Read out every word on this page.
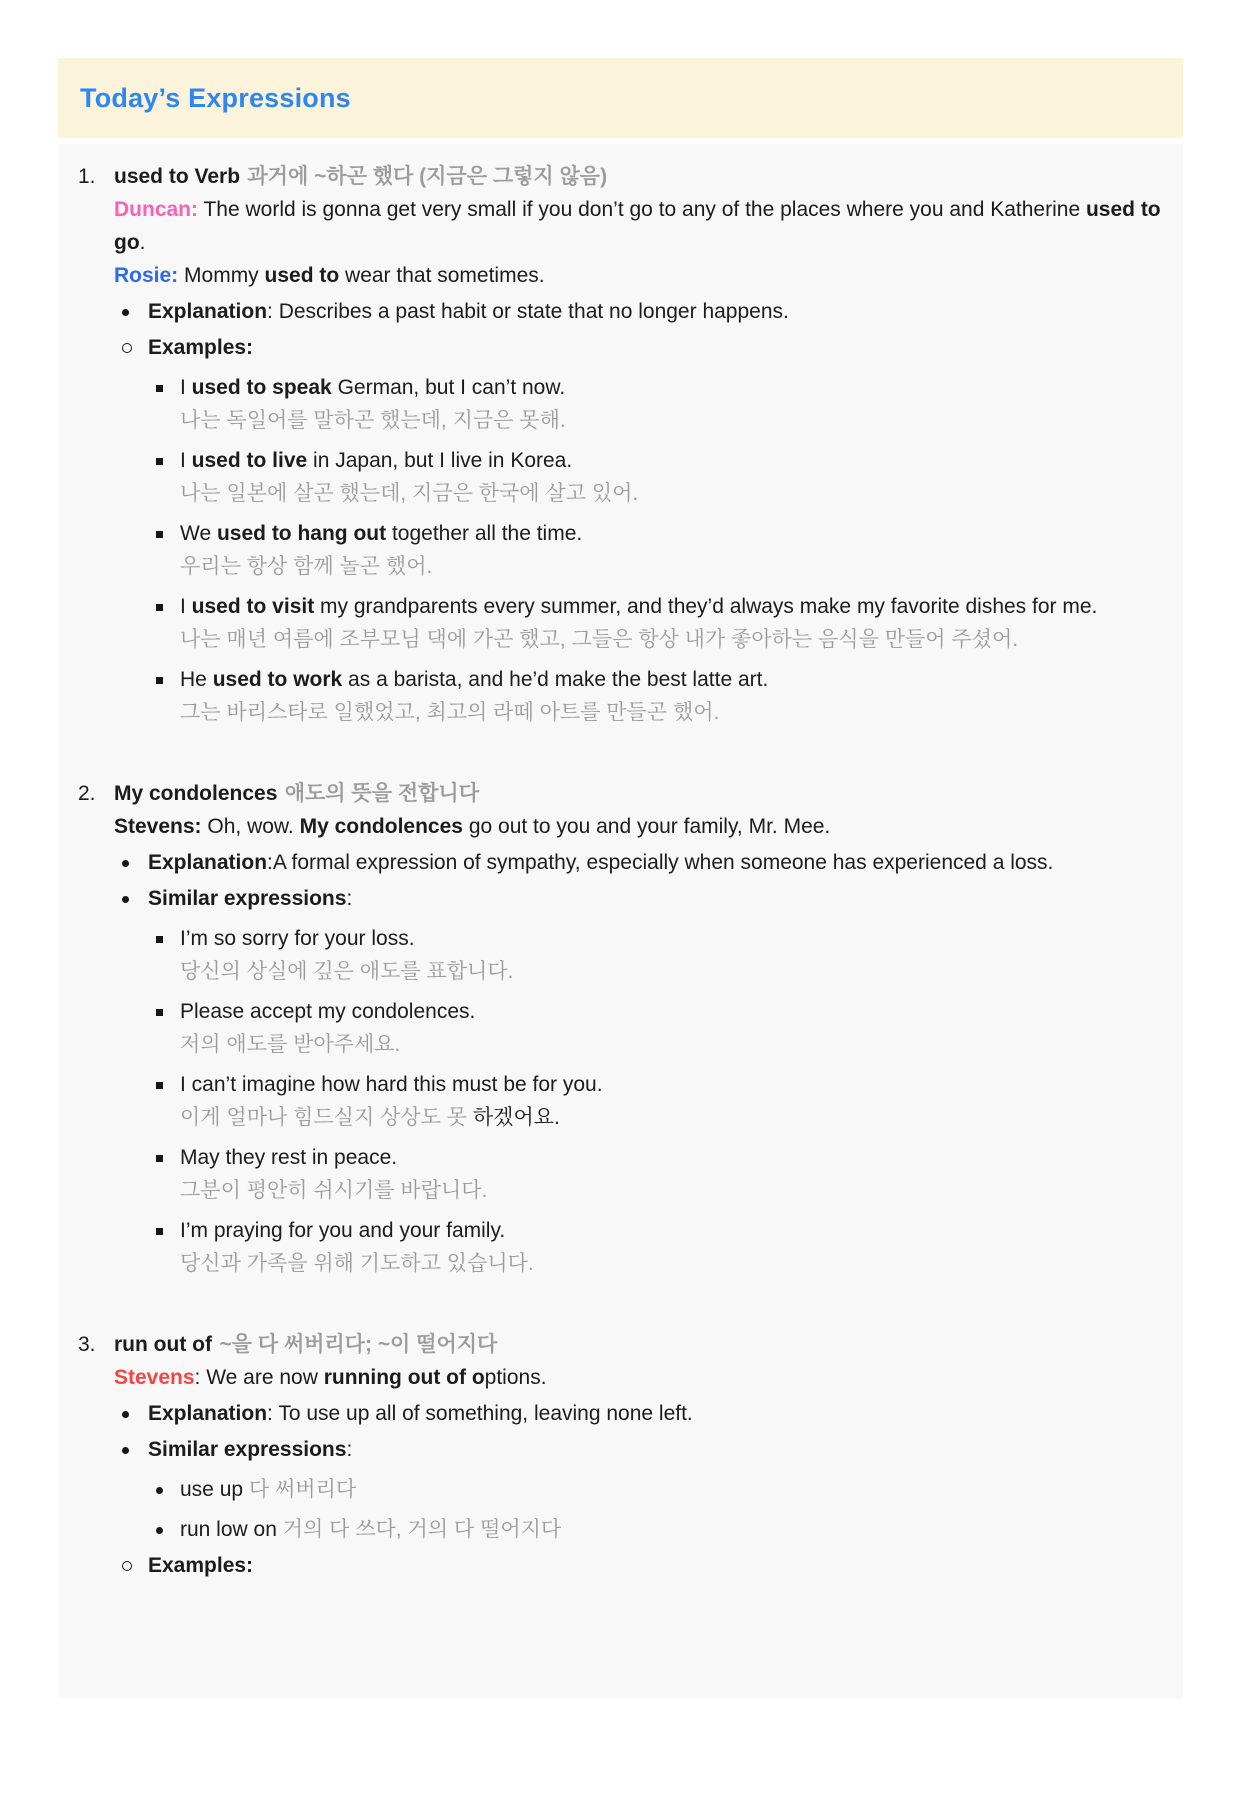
Today’s Expressions
1. used to Verb 과거에 ~하곤 했다 (지금은 그렇지 않음)
Duncan: The world is gonna get very small if you don’t go to any of the places where you and Katherine used to go.
Rosie: Mommy used to wear that sometimes.
Explanation: Describes a past habit or state that no longer happens.
Examples:
I used to speak German, but I can’t now.
나는 독일어를 말하곤 했는데, 지금은 못해.
I used to live in Japan, but I live in Korea.
나는 일본에 살곤 했는데, 지금은 한국에 살고 있어.
We used to hang out together all the time.
우리는 항상 함께 놀곤 했어.
I used to visit my grandparents every summer, and they’d always make my favorite dishes for me.
나는 매년 여름에 조부모님 댁에 가곤 했고, 그들은 항상 내가 좋아하는 음식을 만들어 주셨어.
He used to work as a barista, and he’d make the best latte art.
그는 바리스타로 일했었고, 최고의 라떼 아트를 만들곤 했어.
2. My condolences 애도의 뜻을 전합니다
Stevens: Oh, wow. My condolences go out to you and your family, Mr. Mee.
Explanation:A formal expression of sympathy, especially when someone has experienced a loss.
Similar expressions:
I’m so sorry for your loss.
당신의 상실에 깊은 애도를 표합니다.
Please accept my condolences.
저의 애도를 받아주세요.
I can’t imagine how hard this must be for you.
이게 얼마나 힘드실지 상상도 못 하겠어요.
May they rest in peace.
그분이 평안히 쉬시기를 바랍니다.
I’m praying for you and your family.
당신과 가족을 위해 기도하고 있습니다.
3. run out of ~을 다 써버리다; ~이 떨어지다
Stevens: We are now running out of options.
Explanation: To use up all of something, leaving none left.
Similar expressions:
use up 다 써버리다
run low on 거의 다 쓰다, 거의 다 떨어지다
Examples:
